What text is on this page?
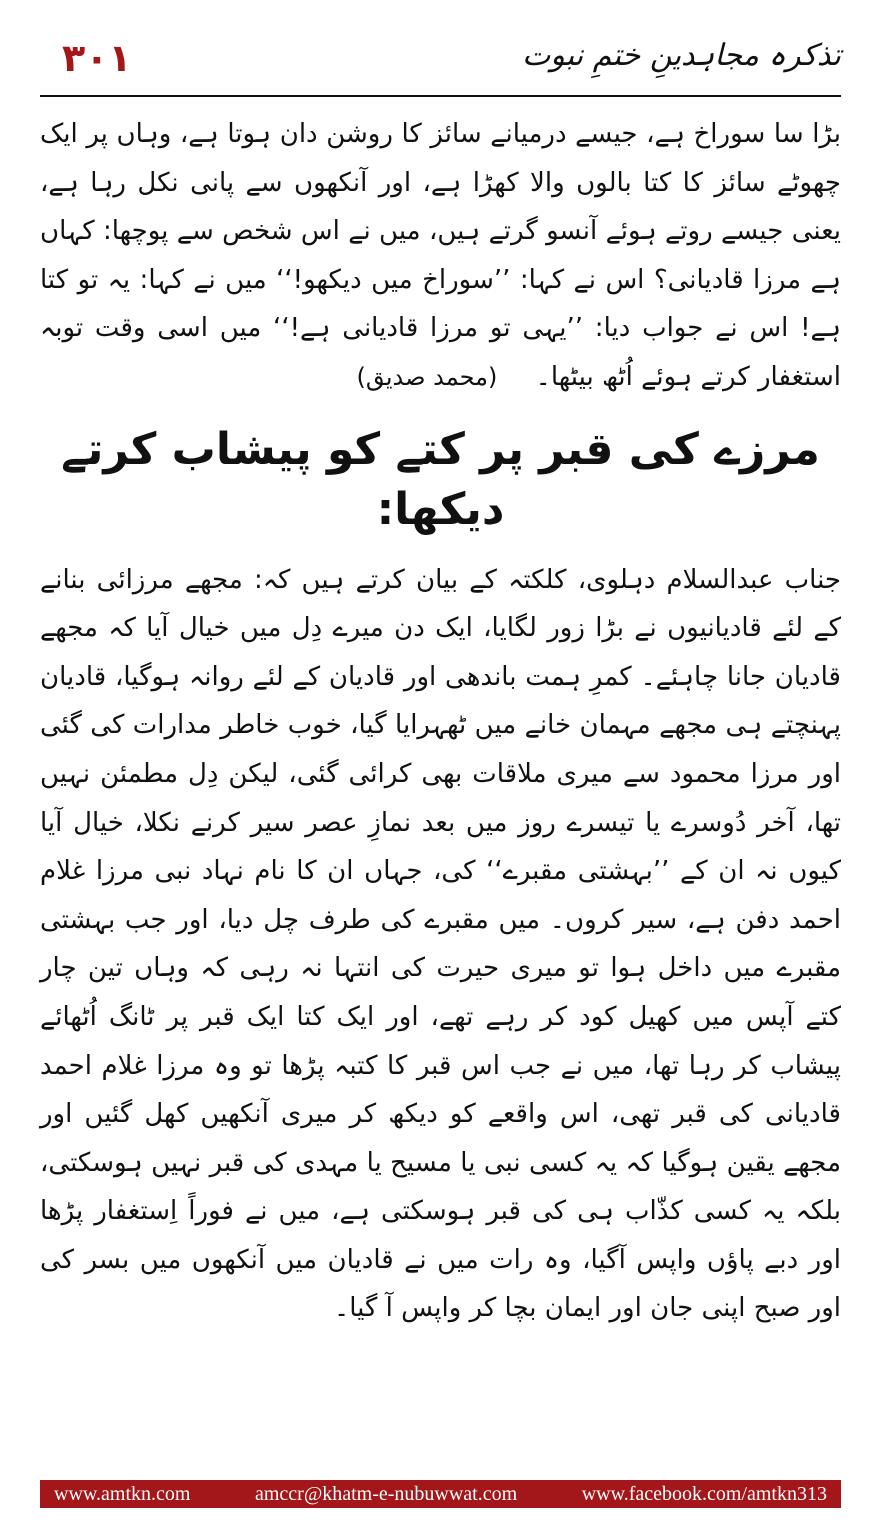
۳۰۱	تذکرہ مجاہدینِ ختمِ نبوت

بڑا سا سوراخ ہے، جیسے درمیانے سائز کا روشن دان ہوتا ہے، وہاں پر ایک چھوٹے سائز کا کتا بالوں والا کھڑا ہے، اور آنکھوں سے پانی نکل رہا ہے، یعنی جیسے روتے ہوئے آنسو گرتے ہیں، میں نے اس شخص سے پوچھا: کہاں ہے مرزا قادیانی؟ اس نے کہا: ’’سوراخ میں دیکھو!‘‘ میں نے کہا: یہ تو کتا ہے! اس نے جواب دیا: ’’یہی تو مرزا قادیانی ہے!‘‘ میں اسی وقت توبہ استغفار کرتے ہوئے اُٹھ بیٹھا۔ (محمد صدیق)

مرزے کی قبر پر کتے کو پیشاب کرتے دیکھا:

جناب عبدالسلام دہلوی، کلکتہ کے بیان کرتے ہیں کہ: مجھے مرزائی بنانے کے لئے قادیانیوں نے بڑا زور لگایا، ایک دن میرے دِل میں خیال آیا کہ مجھے قادیان جانا چاہئے۔ کمرِ ہمت باندھی اور قادیان کے لئے روانہ ہوگیا، قادیان پہنچتے ہی مجھے مہمان خانے میں ٹھہرایا گیا، خوب خاطر مدارات کی گئی اور مرزا محمود سے میری ملاقات بھی کرائی گئی، لیکن دِل مطمئن نہیں تھا، آخر دُوسرے یا تیسرے روز میں بعد نمازِ عصر سیر کرنے نکلا، خیال آیا کیوں نہ ان کے ’’بہشتی مقبرے‘‘ کی، جہاں ان کا نام نہاد نبی مرزا غلام احمد دفن ہے، سیر کروں۔ میں مقبرے کی طرف چل دیا، اور جب بہشتی مقبرے میں داخل ہوا تو میری حیرت کی انتہا نہ رہی کہ وہاں تین چار کتے آپس میں کھیل کود کر رہے تھے، اور ایک کتا ایک قبر پر ٹانگ اُٹھائے پیشاب کر رہا تھا، میں نے جب اس قبر کا کتبہ پڑھا تو وہ مرزا غلام احمد قادیانی کی قبر تھی، اس واقعے کو دیکھ کر میری آنکھیں کھل گئیں اور مجھے یقین ہوگیا کہ یہ کسی نبی یا مسیح یا مہدی کی قبر نہیں ہوسکتی، بلکہ یہ کسی کذّاب ہی کی قبر ہوسکتی ہے، میں نے فوراً اِستغفار پڑھا اور دبے پاؤں واپس آگیا، وہ رات میں نے قادیان میں آنکھوں میں بسر کی اور صبح اپنی جان اور ایمان بچا کر واپس آ گیا۔

www.amtkn.com	amccr@khatm-e-nubuwwat.com	www.facebook.com/amtkn313
